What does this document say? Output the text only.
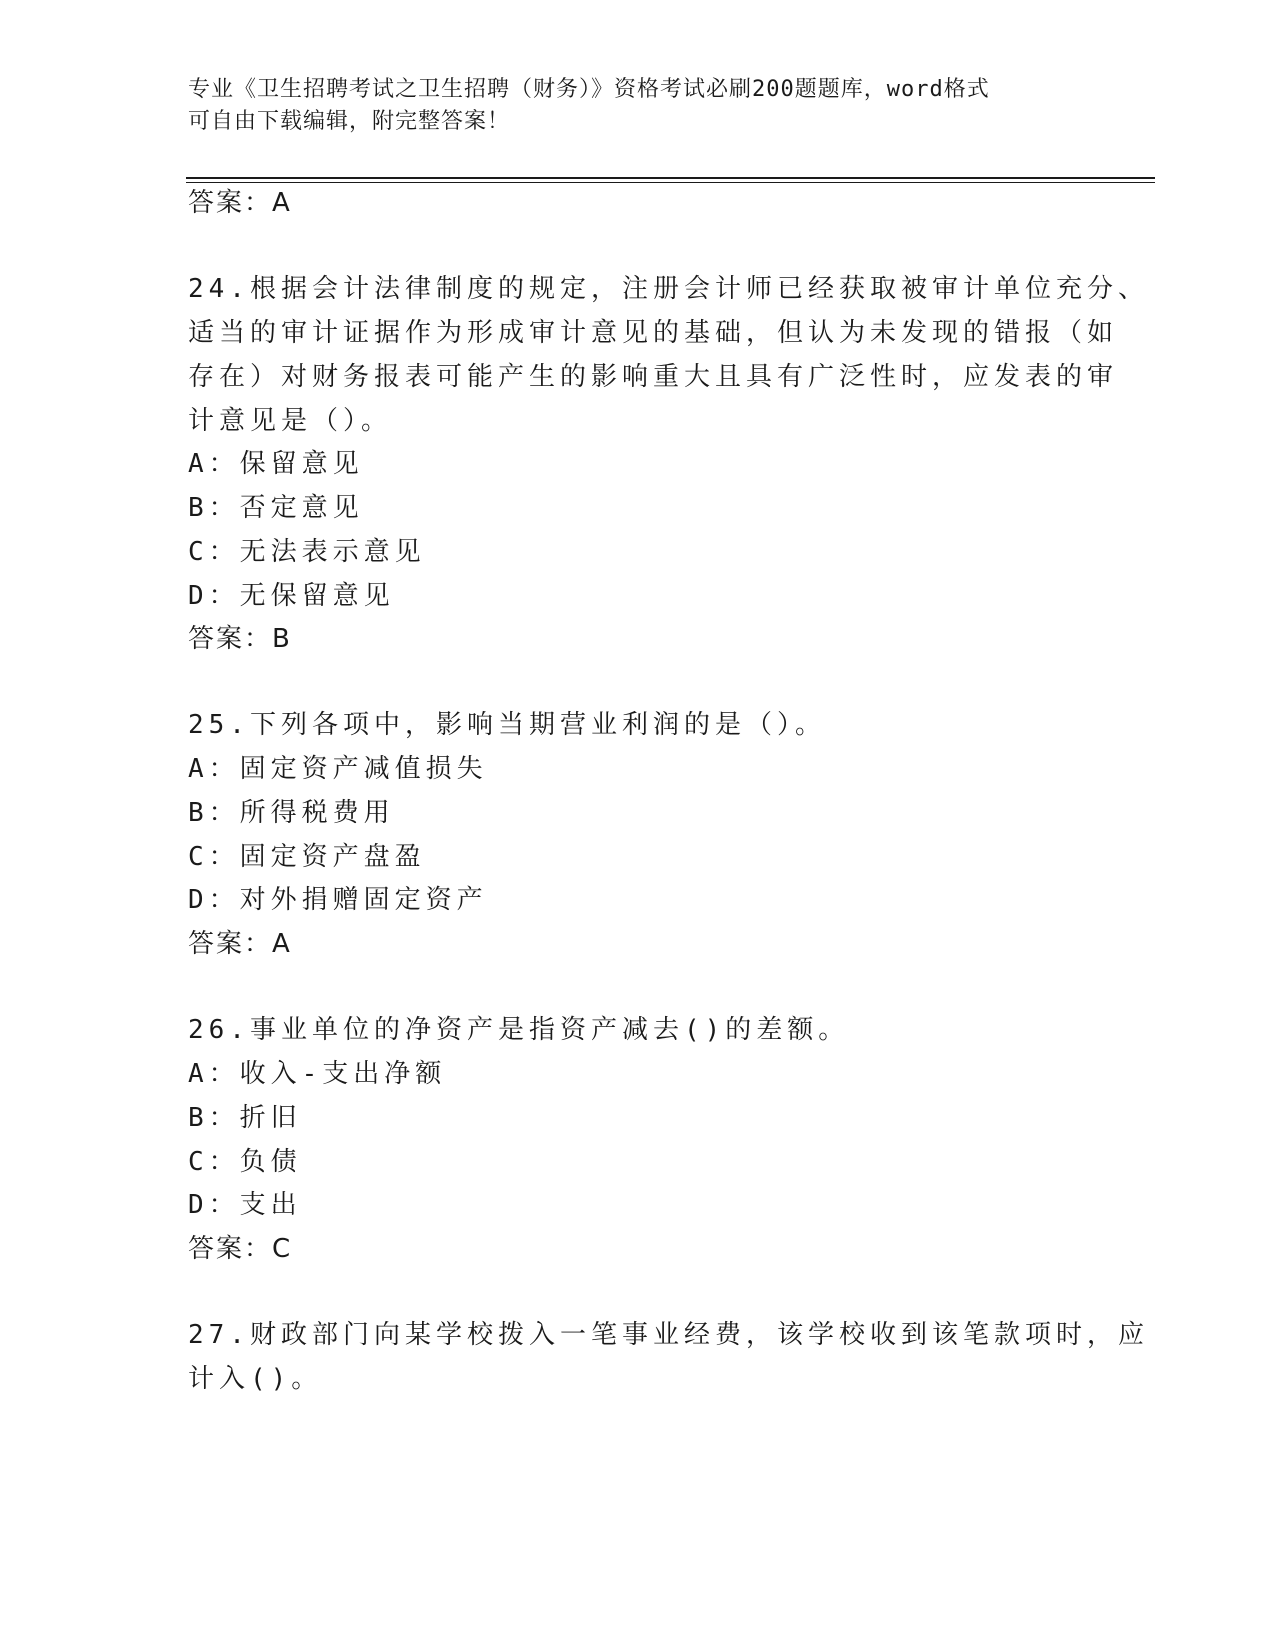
专业《卫生招聘考试之卫生招聘（财务）》资格考试必刷200题题库，word格式
可自由下载编辑，附完整答案！
答案：A
24.根据会计法律制度的规定，注册会计师已经获取被审计单位充分、
适当的审计证据作为形成审计意见的基础，但认为未发现的错报（如
存在）对财务报表可能产生的影响重大且具有广泛性时，应发表的审
计意见是（）。
A：保留意见
B：否定意见
C：无法表示意见
D：无保留意见
答案：B
25.下列各项中，影响当期营业利润的是（）。
A：固定资产减值损失
B：所得税费用
C：固定资产盘盈
D：对外捐赠固定资产
答案：A
26.事业单位的净资产是指资产减去()的差额。
A：收入-支出净额
B：折旧
C：负债
D：支出
答案：C
27.财政部门向某学校拨入一笔事业经费，该学校收到该笔款项时，应
计入()。
